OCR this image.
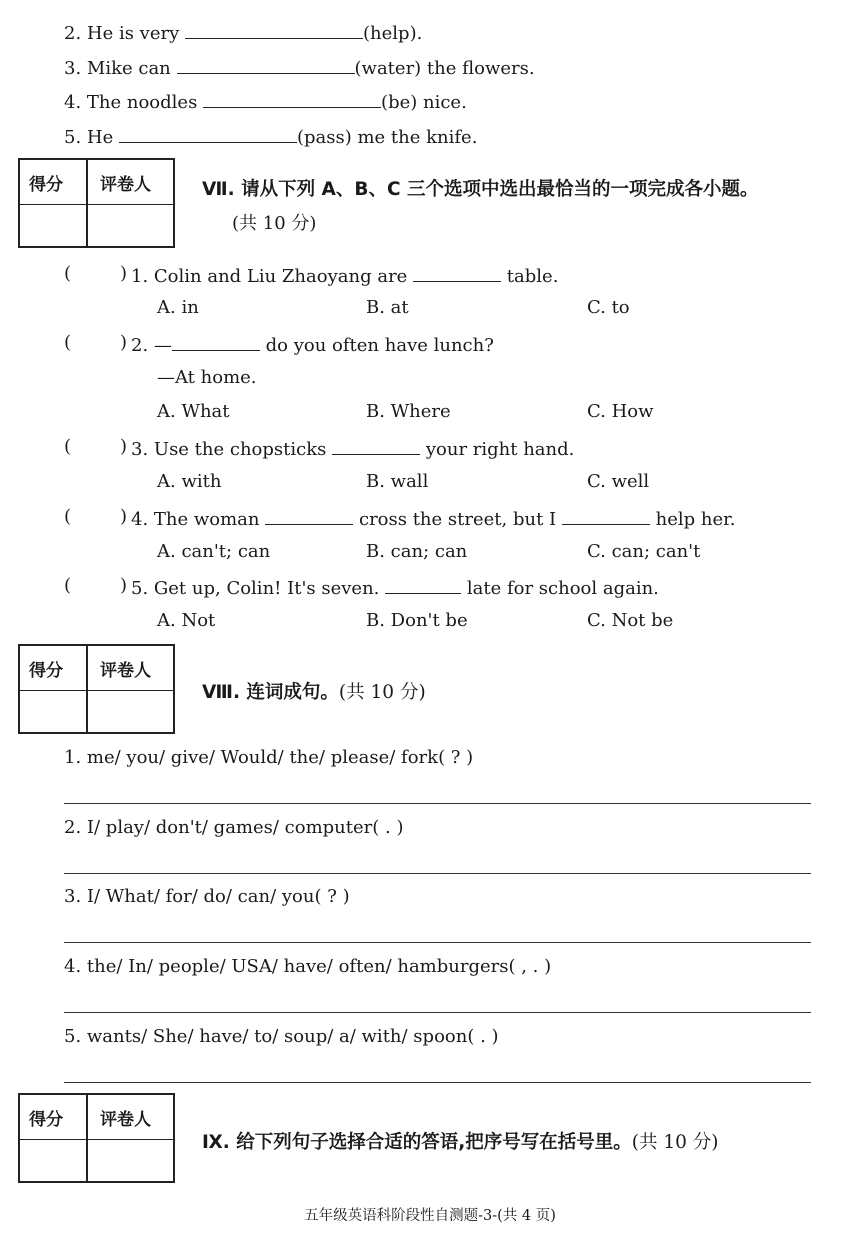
2. He is very	(help).
3. Mike can	(water) the flowers.
4. The noodles	(be) nice.
5. He	(pass) me the knife.
得分 评卷人	Ⅶ. 请从下列 A、B、C 三个选项中选出最恰当的一项完成各小题。
(共 10 分)
(	) 1. Colin and Liu Zhaoyang are	table.
A. in	B. at	C. to
(	) 2. —	do you often have lunch?
—At home.
A. What	B. Where	C. How
(	) 3. Use the chopsticks	your right hand.
A. with	B. wall	C. well
(	) 4. The woman	cross the street, but I	help her.
A. can't; can	B. can; can	C. can; can't
(	) 5. Get up, Colin! It's seven.	late for school again.
A. Not	B. Don't be	C. Not be
得分 评卷人
Ⅷ. 连词成句。(共 10 分)
1. me/ you/ give/ Would/ the/ please/ fork( ? )
2. I/ play/ don't/ games/ computer( . )
3. I/ What/ for/ do/ can/ you( ? )
4. the/ In/ people/ USA/ have/ often/ hamburgers( , . )
5. wants/ She/ have/ to/ soup/ a/ with/ spoon( . )
得分 评卷人
Ⅸ. 给下列句子选择合适的答语,把序号写在括号里。(共 10 分)
五年级英语科阶段性自测题-3-(共 4 页)
